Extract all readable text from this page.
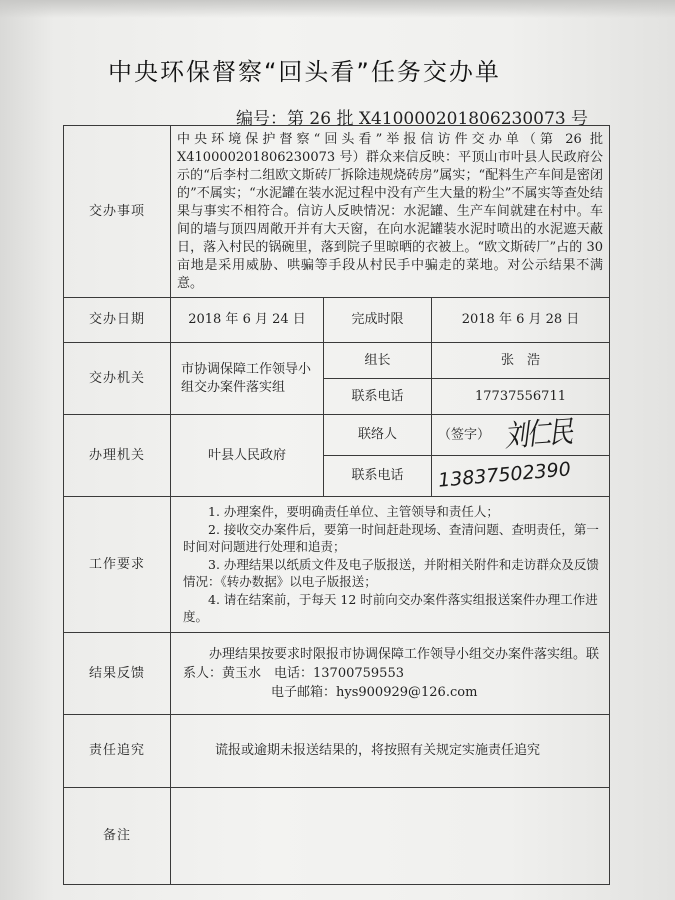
中央环保督察“回头看”任务交办单
编号：第 26 批 X410000201806230073 号
交办事项	中央环境保护督察“回头看”举报信访件交办单（第 26 批 X410000201806230073 号）群众来信反映：平顶山市叶县人民政府公示的“后李村二组欧文斯砖厂拆除违规烧砖房”属实；“配料生产车间是密闭的”不属实；“水泥罐在装水泥过程中没有产生大量的粉尘”不属实等查处结果与事实不相符合。信访人反映情况：水泥罐、生产车间就建在村中。车间的墙与顶四周敞开并有大天窗，在向水泥罐装水泥时喷出的水泥遮天蔽日，落入村民的锅碗里，落到院子里晾晒的衣被上。“欧文斯砖厂”占的 30 亩地是采用威胁、哄骗等手段从村民手中骗走的菜地。对公示结果不满意。		
交办日期	2018 年 6 月 24 日	完成时限	2018 年 6 月 28 日
交办机关	市协调保障工作领导小组交办案件落实组	组长	张　浩
		联系电话	17737556711
办理机关	叶县人民政府	联络人	（签字） 刘仁民
		联系电话	13837502390
工作要求	1. 办理案件，要明确责任单位、主管领导和责任人；

2. 接收交办案件后，要第一时间赶赴现场、查清问题、查明责任，第一时间对问题进行处理和追责；

3. 办理结果以纸质文件及电子版报送，并附相关附件和走访群众及反馈情况：《转办数据》以电子版报送；

4. 请在结案前，于每天 12 时前向交办案件落实组报送案件办理工作进度。		

结果反馈	办理结果按要求时限报市协调保障工作领导小组交办案件落实组。联系人：黄玉水　电话：13700759553

电子邮箱：hys900929@126.com		

责任追究	谎报或逾期未报送结果的，将按照有关规定实施责任追究		
备注			
